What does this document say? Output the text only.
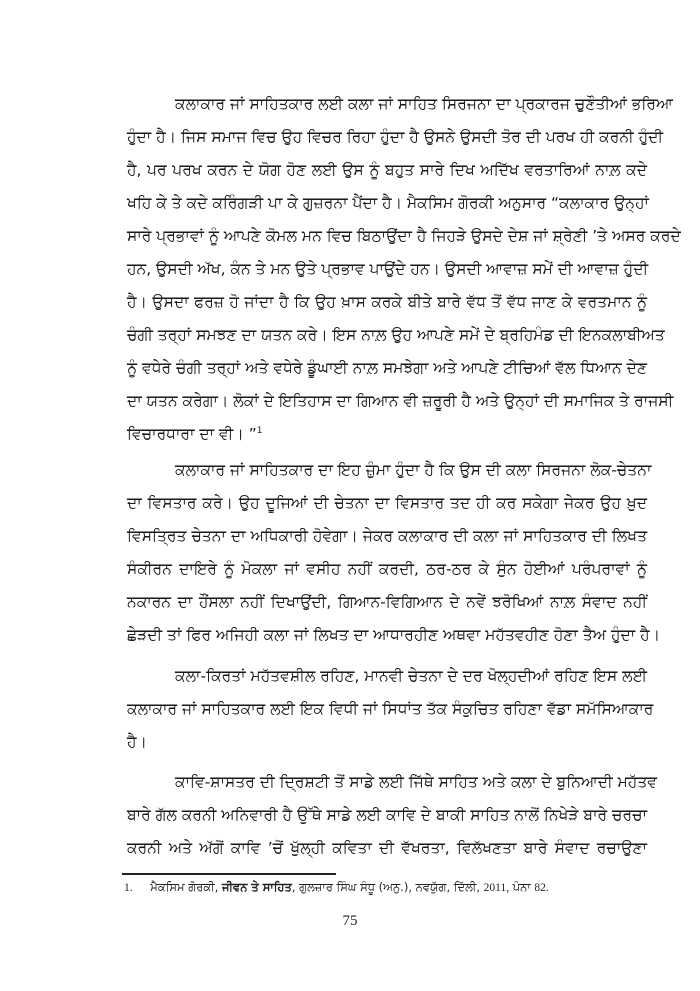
ਕਲਾਕਾਰ ਜਾਂ ਸਾਹਿਤਕਾਰ ਲਈ ਕਲਾ ਜਾਂ ਸਾਹਿਤ ਸਿਰਜਨਾ ਦਾ ਪ੍ਰਕਾਰਜ ਚੁਣੌਤੀਆਂ ਭਰਿਆ
ਹੁੰਦਾ ਹੈ। ਜਿਸ ਸਮਾਜ ਵਿਚ ਉਹ ਵਿਚਰ ਰਿਹਾ ਹੁੰਦਾ ਹੈ ਉਸਨੇ ਉਸਦੀ ਤੋਰ ਦੀ ਪਰਖ ਹੀ ਕਰਨੀ ਹੁੰਦੀ
ਹੈ, ਪਰ ਪਰਖ ਕਰਨ ਦੇ ਯੋਗ ਹੋਣ ਲਈ ਉਸ ਨੂੰ ਬਹੁਤ ਸਾਰੇ ਦਿਖ ਅਦਿੱਖ ਵਰਤਾਰਿਆਂ ਨਾਲ਼ ਕਦੇ
ਖਹਿ ਕੇ ਤੇ ਕਦੇ ਕਰਿੰਗੜੀ ਪਾ ਕੇ ਗੁਜ਼ਰਨਾ ਪੈਂਦਾ ਹੈ। ਮੈਕਸਿਮ ਗੋਰਕੀ ਅਨੁਸਾਰ “ਕਲਾਕਾਰ ਉਨ੍ਹਾਂ
ਸਾਰੇ ਪ੍ਰਭਾਵਾਂ ਨੂੰ ਆਪਣੇ ਕੋਮਲ ਮਨ ਵਿਚ ਬਿਠਾਉਂਦਾ ਹੈ ਜਿਹੜੇ ਉਸਦੇ ਦੇਸ਼ ਜਾਂ ਸ਼੍ਰੇਣੀ ’ਤੇ ਅਸਰ ਕਰਦੇ
ਹਨ, ਉਸਦੀ ਅੱਖ, ਕੰਨ ਤੇ ਮਨ ਉਤੇ ਪ੍ਰਭਾਵ ਪਾਉਂਦੇ ਹਨ। ਉਸਦੀ ਆਵਾਜ਼ ਸਮੇਂ ਦੀ ਆਵਾਜ਼ ਹੁੰਦੀ
ਹੈ। ਉਸਦਾ ਫਰਜ਼ ਹੋ ਜਾਂਦਾ ਹੈ ਕਿ ਉਹ ਖ਼ਾਸ ਕਰਕੇ ਬੀਤੇ ਬਾਰੇ ਵੱਧ ਤੋਂ ਵੱਧ ਜਾਣ ਕੇ ਵਰਤਮਾਨ ਨੂੰ
ਚੰਗੀ ਤਰ੍ਹਾਂ ਸਮਝਣ ਦਾ ਯਤਨ ਕਰੇ। ਇਸ ਨਾਲ਼ ਉਹ ਆਪਣੇ ਸਮੇਂ ਦੇ ਬ੍ਰਹਿਮੰਡ ਦੀ ਇਨਕਲਾਬੀਅਤ
ਨੂੰ ਵਧੇਰੇ ਚੰਗੀ ਤਰ੍ਹਾਂ ਅਤੇ ਵਧੇਰੇ ਡੂੰਘਾਈ ਨਾਲ਼ ਸਮਝੇਗਾ ਅਤੇ ਆਪਣੇ ਟੀਚਿਆਂ ਵੱਲ ਧਿਆਨ ਦੇਣ
ਦਾ ਯਤਨ ਕਰੇਗਾ। ਲੋਕਾਂ ਦੇ ਇਤਿਹਾਸ ਦਾ ਗਿਆਨ ਵੀ ਜ਼ਰੂਰੀ ਹੈ ਅਤੇ ਉਨ੍ਹਾਂ ਦੀ ਸਮਾਜਿਕ ਤੇ ਰਾਜਸੀ
ਵਿਚਾਰਧਾਰਾ ਦਾ ਵੀ। ”$^1$
ਕਲਾਕਾਰ ਜਾਂ ਸਾਹਿਤਕਾਰ ਦਾ ਇਹ ਜ਼ੁੰਮਾ ਹੁੰਦਾ ਹੈ ਕਿ ਉਸ ਦੀ ਕਲਾ ਸਿਰਜਨਾ ਲੋਕ-ਚੇਤਨਾ
ਦਾ ਵਿਸਤਾਰ ਕਰੇ। ਉਹ ਦੂਜਿਆਂ ਦੀ ਚੇਤਨਾ ਦਾ ਵਿਸਤਾਰ ਤਦ ਹੀ ਕਰ ਸਕੇਗਾ ਜੇਕਰ ਉਹ ਖ਼ੁਦ
ਵਿਸਤ੍ਰਿਤ ਚੇਤਨਾ ਦਾ ਅਧਿਕਾਰੀ ਹੋਵੇਗਾ। ਜੇਕਰ ਕਲਾਕਾਰ ਦੀ ਕਲਾ ਜਾਂ ਸਾਹਿਤਕਾਰ ਦੀ ਲਿਖਤ
ਸੰਕੀਰਨ ਦਾਇਰੇ ਨੂੰ ਮੋਕਲਾ ਜਾਂ ਵਸੀਹ ਨਹੀਂ ਕਰਦੀ, ਠਰ-ਠਰ ਕੇ ਸੁੰਨ ਹੋਈਆਂ ਪਰੰਪਰਾਵਾਂ ਨੂੰ
ਨਕਾਰਨ ਦਾ ਹੌਂਸਲਾ ਨਹੀਂ ਦਿਖਾਉਂਦੀ, ਗਿਆਨ-ਵਿਗਿਆਨ ਦੇ ਨਵੇਂ ਝਰੋਖਿਆਂ ਨਾਲ਼ ਸੰਵਾਦ ਨਹੀਂ
ਛੇੜਦੀ ਤਾਂ ਫਿਰ ਅਜਿਹੀ ਕਲਾ ਜਾਂ ਲਿਖਤ ਦਾ ਆਧਾਰਹੀਣ ਅਥਵਾ ਮਹੱਤਵਹੀਣ ਹੋਣਾ ਤੈਅ ਹੁੰਦਾ ਹੈ।
ਕਲਾ-ਕਿਰਤਾਂ ਮਹੱਤਵਸ਼ੀਲ ਰਹਿਣ, ਮਾਨਵੀ ਚੇਤਨਾ ਦੇ ਦਰ ਖੋਲ੍ਹਦੀਆਂ ਰਹਿਣ ਇਸ ਲਈ
ਕਲਾਕਾਰ ਜਾਂ ਸਾਹਿਤਕਾਰ ਲਈ ਇਕ ਵਿਧੀ ਜਾਂ ਸਿਧਾਂਤ ਤੱਕ ਸੰਕੁਚਿਤ ਰਹਿਣਾ ਵੱਡਾ ਸਮੱਸਿਆਕਾਰ
ਹੈ।
ਕਾਵਿ-ਸ਼ਾਸਤਰ ਦੀ ਦ੍ਰਿਸ਼ਟੀ ਤੋਂ ਸਾਡੇ ਲਈ ਜਿੱਥੇ ਸਾਹਿਤ ਅਤੇ ਕਲਾ ਦੇ ਬੁਨਿਆਦੀ ਮਹੱਤਵ
ਬਾਰੇ ਗੱਲ ਕਰਨੀ ਅਨਿਵਾਰੀ ਹੈ ਉੱਥੇ ਸਾਡੇ ਲਈ ਕਾਵਿ ਦੇ ਬਾਕੀ ਸਾਹਿਤ ਨਾਲੋਂ ਨਿਖੇੜੇ ਬਾਰੇ ਚਰਚਾ
ਕਰਨੀ ਅਤੇ ਅੱਗੋਂ ਕਾਵਿ ’ਚੋਂ ਖੁੱਲ੍ਹੀ ਕਵਿਤਾ ਦੀ ਵੱਖਰਤਾ, ਵਿਲੱਖਣਤਾ ਬਾਰੇ ਸੰਵਾਦ ਰਚਾਉਣਾ
1. ਮੈਕਸਿਮ ਗੋਰਕੀ, ਜੀਵਨ ਤੇ ਸਾਹਿਤ, ਗੁਲਜ਼ਾਰ ਸਿੰਘ ਸੰਧੂ (ਅਨੁ.), ਨਵਯੁੱਗ, ਦਿੱਲੀ, 2011, ਪੰਨਾ 82.
75
